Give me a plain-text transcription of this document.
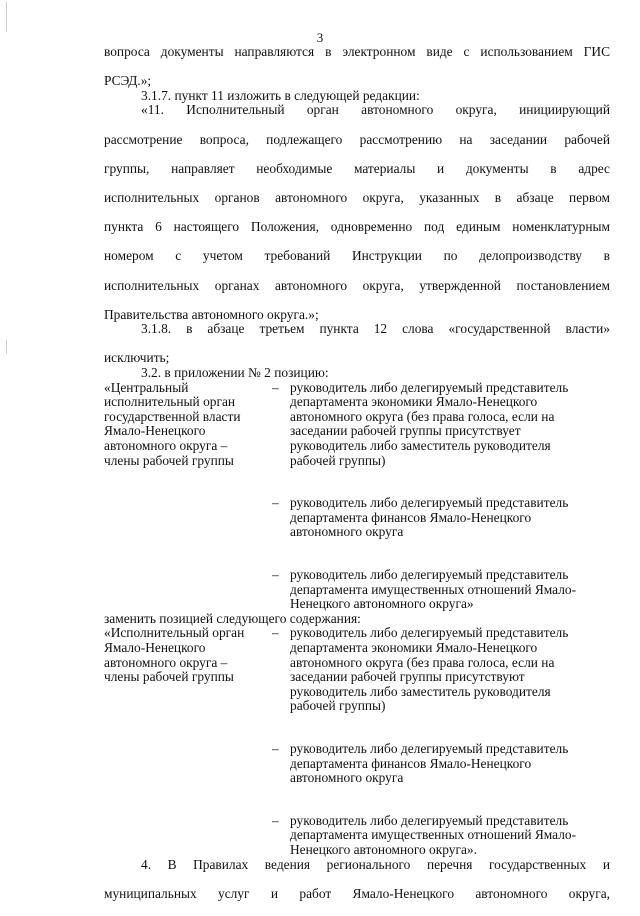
3

вопроса документы направляются в электронном виде с использованием ГИС

РСЭД.»;

3.1.7. пункт 11 изложить в следующей редакции:

«11. Исполнительный орган автономного округа, инициирующий

рассмотрение вопроса, подлежащего рассмотрению на заседании рабочей

группы, направляет необходимые материалы и документы в адрес

исполнительных органов автономного округа, указанных в абзаце первом

пункта 6 настоящего Положения, одновременно под единым номенклатурным

номером с учетом требований Инструкции по делопроизводству в

исполнительных органах автономного округа, утвержденной постановлением

Правительства автономного округа.»;

3.1.8. в абзаце третьем пункта 12 слова «государственной власти»

исключить;

3.2. в приложении № 2 позицию:

«Центральный
исполнительный орган
государственной власти
Ямало-Ненецкого
автономного округа –
члены рабочей группы
– руководитель либо делегируемый представитель
департамента экономики Ямало-Ненецкого
автономного округа (без права голоса, если на
заседании рабочей группы присутствует
руководитель либо заместитель руководителя
рабочей группы)
– руководитель либо делегируемый представитель
департамента финансов Ямало-Ненецкого
автономного округа
– руководитель либо делегируемый представитель
департамента имущественных отношений Ямало-
Ненецкого автономного округа»

заменить позицией следующего содержания:

«Исполнительный орган
Ямало-Ненецкого
автономного округа –
члены рабочей группы
– руководитель либо делегируемый представитель
департамента экономики Ямало-Ненецкого
автономного округа (без права голоса, если на
заседании рабочей группы присутствуют
руководитель либо заместитель руководителя
рабочей группы)
– руководитель либо делегируемый представитель
департамента финансов Ямало-Ненецкого
автономного округа
– руководитель либо делегируемый представитель
департамента имущественных отношений Ямало-
Ненецкого автономного округа».

4. В Правилах ведения регионального перечня государственных и

муниципальных услуг и работ Ямало-Ненецкого автономного округа,
